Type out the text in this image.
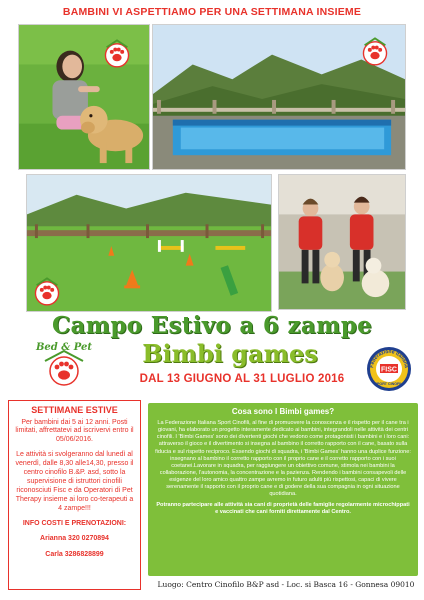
BAMBINI VI ASPETTIAMO PER UNA SETTIMANA INSIEME
Campo Estivo a 6 zampe
Bed & Pet	Bimbi games
DAL 13 GIUGNO AL 31 LUGLIO 2016
Federazione Italiana
FISC
SPORT CINOFILI
SETTIMANE ESTIVE

Per bambini dai 5 ai 12 anni. Posti limitati, affrettatevi ad iscrivervi entro il 05/06/2016.

Le attività si svolgeranno dal lunedì al venerdì, dalle 8,30 alle14,30, presso il centro cinofilo B.&P. asd, sotto la supervisione di istruttori cinofili riconosciuti Fisc e da Operatori di Pet Therapy insieme ai loro co-terapeuti a 4 zampe!!!

INFO COSTI E PRENOTAZIONI:
Arianna 320 0270894
Carla 3286828899
Cosa sono I Bimbi games?
La Federazione Italiana Sport Cinofili, al fine di promuovere la conoscenza e il rispetto per il cane tra i giovani, ha elaborato un progetto interamente dedicato ai bambini, integrandoli nelle attività dei centri cinofili. I 'Bimbi Games' sono dei divertenti giochi che vedono come protagonisti i bambini e i loro cani: attraverso il gioco e il divertimento si insegna al bambino il corretto rapporto con il cane, basato sulla fiducia e sul rispetto reciproco. Essendo giochi di squadra, i 'Bimbi Games' hanno una duplice funzione: insegnano al bambino il corretto rapporto con il proprio cane e il corretto rapporto con i suoi coetanei.Lavorare in squadra, per raggiungere un obiettivo comune, stimola nei bambini la collaborazione, l'autonomia, la concentrazione e la pazienza. Rendendo i bambini consapevoli delle esigenze del loro amico quattro zampe avremo in futuro adulti più rispettosi, capaci di vivere serenamente il rapporto con il proprio cane e di godere della sua compagnia in ogni situazione quotidiana.
Potranno partecipare alle attività sia cani di proprietà delle famiglie regolarmente microchippati e vaccinati che cani forniti direttamente dal Centro.
Luogo: Centro Cinofilo B&P asd - Loc. si Basca 16 - Gonnesa 09010
